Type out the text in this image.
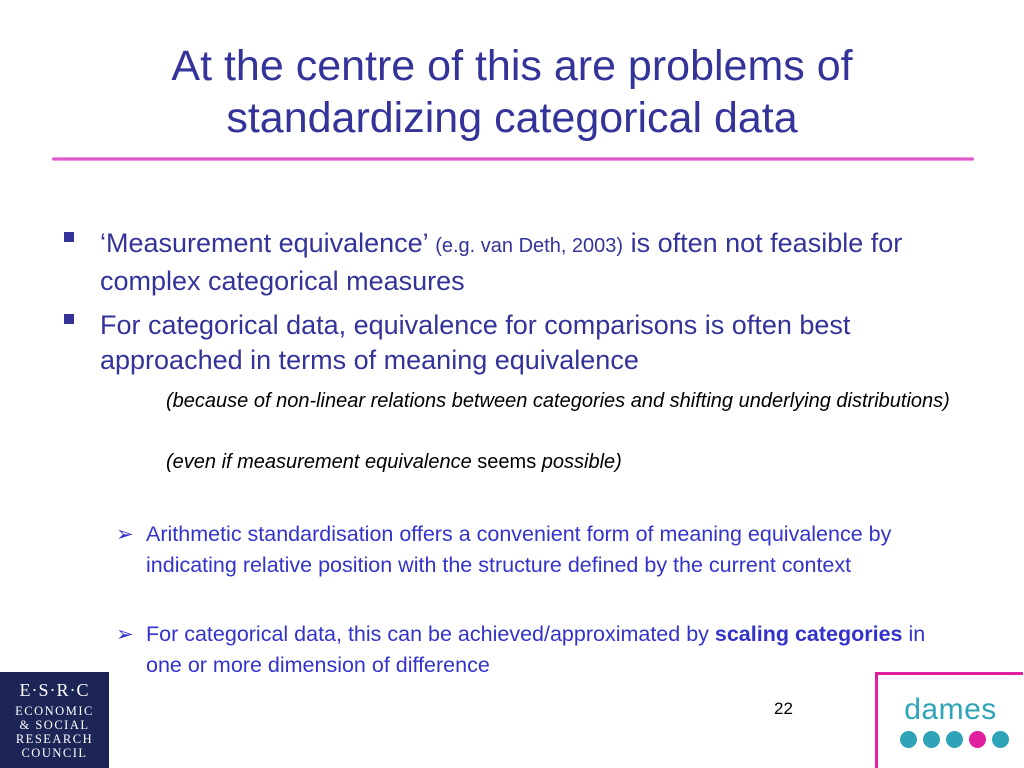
At the centre of this are problems of
standardizing categorical data
‘Measurement equivalence’ (e.g. van Deth, 2003) is often not feasible for complex categorical measures
For categorical data, equivalence for comparisons is often best approached in terms of meaning equivalence
(because of non-linear relations between categories and shifting underlying distributions)
(even if measurement equivalence seems possible)
➢ Arithmetic standardisation offers a convenient form of meaning equivalence by indicating relative position with the structure defined by the current context
➢ For categorical data, this can be achieved/approximated by scaling categories in one or more dimension of difference
E·S·R·C
ECONOMIC
& SOCIAL
RESEARCH
COUNCIL
22	dames
